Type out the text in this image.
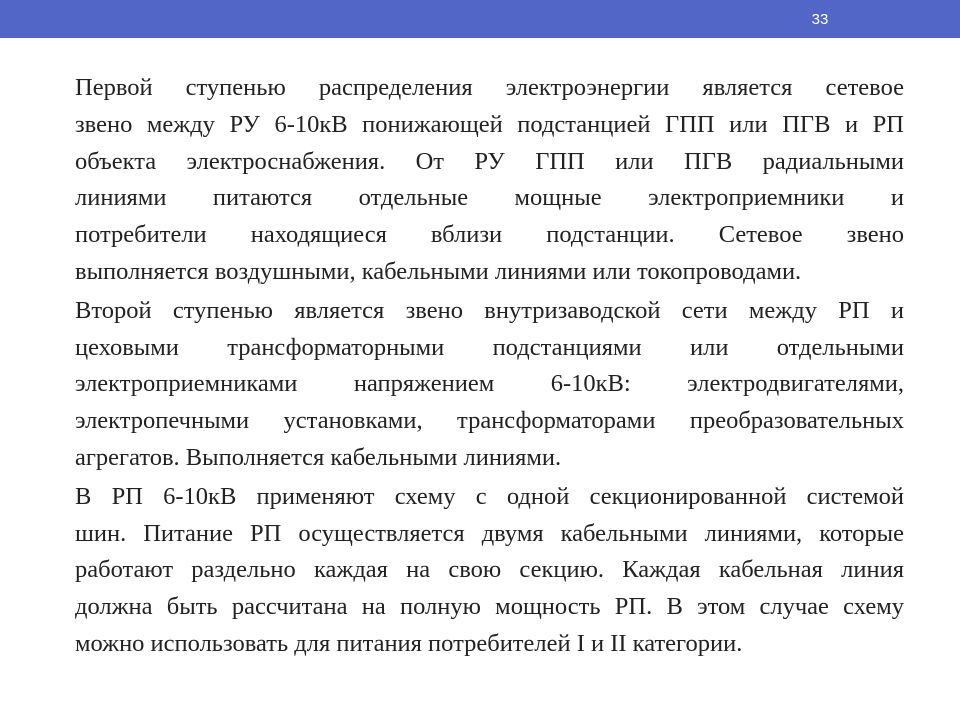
33
Первой ступенью распределения электроэнергии является сетевое
звено между РУ 6-10кВ понижающей подстанцией ГПП или ПГВ и РП
объекта электроснабжения. От РУ ГПП или ПГВ радиальными
линиями питаются отдельные мощные электроприемники и
потребители находящиеся вблизи подстанции. Сетевое звено
выполняется воздушными, кабельными линиями или токопроводами.
Второй ступенью является звено внутризаводской сети между РП и
цеховыми трансформаторными подстанциями или отдельными
электроприемниками напряжением 6-10кВ: электродвигателями,
электропечными установками, трансформаторами преобразовательных
агрегатов. Выполняется кабельными линиями.
В РП 6-10кВ применяют схему с одной секционированной системой
шин. Питание РП осуществляется двумя кабельными линиями, которые
работают раздельно каждая на свою секцию. Каждая кабельная линия
должна быть рассчитана на полную мощность РП. В этом случае схему
можно использовать для питания потребителей I и II категории.
